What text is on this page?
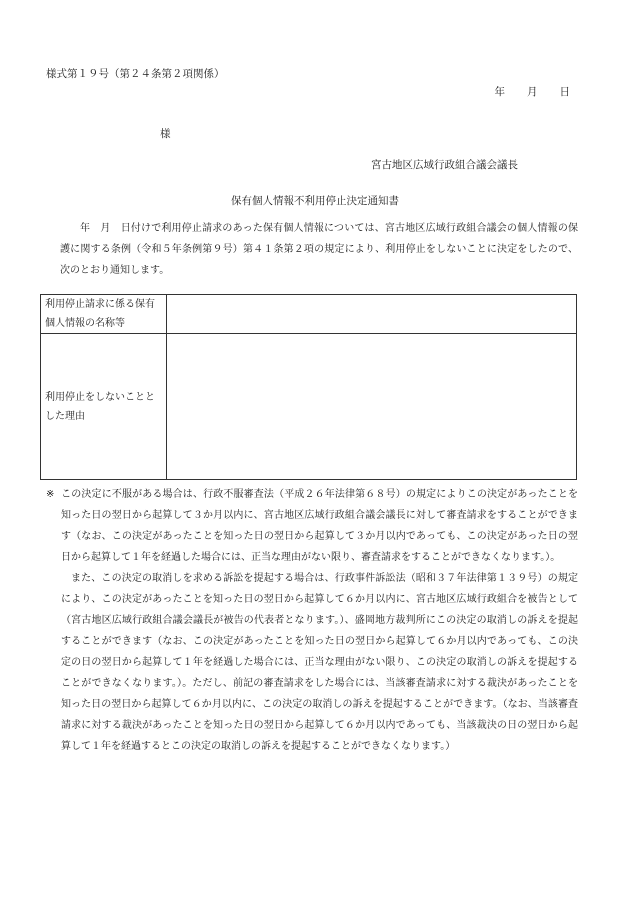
様式第１９号（第２４条第２項関係）
年 月 日
様
宮古地区広域行政組合議会議長
保有個人情報不利用停止決定通知書
年　月　日付けで利用停止請求のあった保有個人情報については、宮古地区広域行政組合議会の個人情報の保護に関する条例（令和５年条例第９号）第４１条第２項の規定により、利用停止をしないことに決定をしたので、次のとおり通知します。
利用停止請求に係る保有個人情報の名称等	
利用停止をしないこととした理由	

※ この決定に不服がある場合は、行政不服審査法（平成２６年法律第６８号）の規定によりこの決定があったことを知った日の翌日から起算して３か月以内に、宮古地区広域行政組合議会議長に対して審査請求をすることができます（なお、この決定があったことを知った日の翌日から起算して３か月以内であっても、この決定があった日の翌日から起算して１年を経過した場合には、正当な理由がない限り、審査請求をすることができなくなります。）。

また、この決定の取消しを求める訴訟を提起する場合は、行政事件訴訟法（昭和３７年法律第１３９号）の規定により、この決定があったことを知った日の翌日から起算して６か月以内に、宮古地区広域行政組合を被告として（宮古地区広域行政組合議会議長が被告の代表者となります。）、盛岡地方裁判所にこの決定の取消しの訴えを提起することができます（なお、この決定があったことを知った日の翌日から起算して６か月以内であっても、この決定の日の翌日から起算して１年を経過した場合には、正当な理由がない限り、この決定の取消しの訴えを提起することができなくなります。）。ただし、前記の審査請求をした場合には、当該審査請求に対する裁決があったことを知った日の翌日から起算して６か月以内に、この決定の取消しの訴えを提起することができます。（なお、当該審査請求に対する裁決があったことを知った日の翌日から起算して６か月以内であっても、当該裁決の日の翌日から起算して１年を経過するとこの決定の取消しの訴えを提起することができなくなります。）
